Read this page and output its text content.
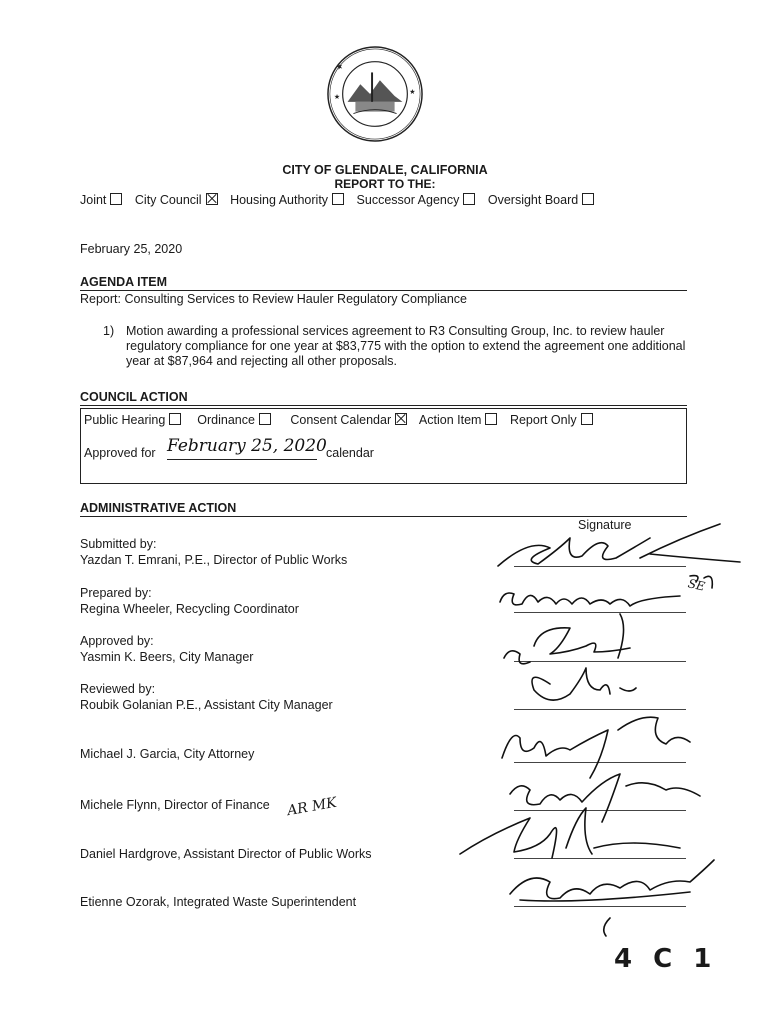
★
★
★
CITY OF GLENDALE, CALIFORNIA
REPORT TO THE:
Joint City Council Housing Authority Successor Agency Oversight Board
February 25, 2020
AGENDA ITEM
Report: Consulting Services to Review Hauler Regulatory Compliance
1) Motion awarding a professional services agreement to R3 Consulting Group, Inc. to review hauler regulatory compliance for one year at $83,775 with the option to extend the agreement one additional year at $87,964 and rejecting all other proposals.
COUNCIL ACTION
Public Hearing	Ordinance	Consent Calendar Action Item Report Only
Approved for February 25, 2020 calendar
ADMINISTRATIVE ACTION
Signature
Submitted by:
Yazdan T. Emrani, P.E., Director of Public Works
Prepared by:
Regina Wheeler, Recycling Coordinator
Approved by:
Yasmin K. Beers, City Manager
Reviewed by:
Roubik Golanian P.E., Assistant City Manager
Michael J. Garcia, City Attorney
Michele Flynn, Director of Finance
Daniel Hardgrove, Assistant Director of Public Works
Etienne Ozorak, Integrated Waste Superintendent
AR MK
SE
4 C 1
